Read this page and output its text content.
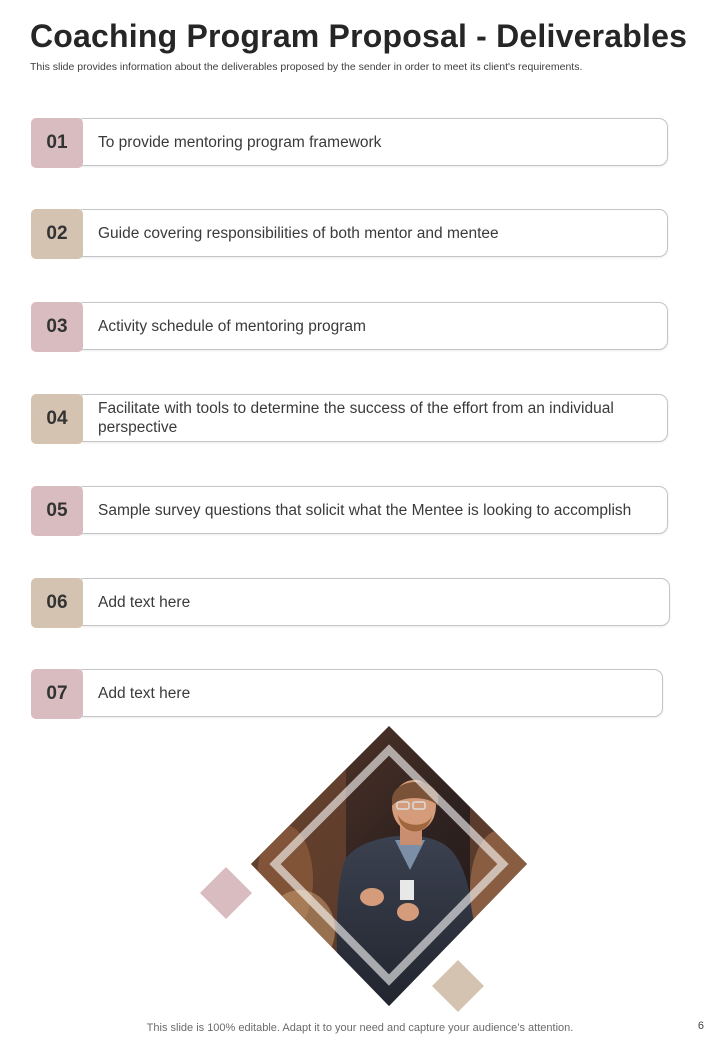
Coaching Program Proposal - Deliverables
This slide provides information about the deliverables proposed by the sender in order to meet its client's requirements.
01	To provide mentoring program framework
02	Guide covering responsibilities of both mentor and mentee
03	Activity schedule of mentoring program
04	Facilitate with tools to determine the success of the effort from an individual perspective
05	Sample survey questions that solicit what the Mentee is looking to accomplish
06	Add text here
07	Add text here
This slide is 100% editable. Adapt it to your need and capture your audience’s attention.	6
